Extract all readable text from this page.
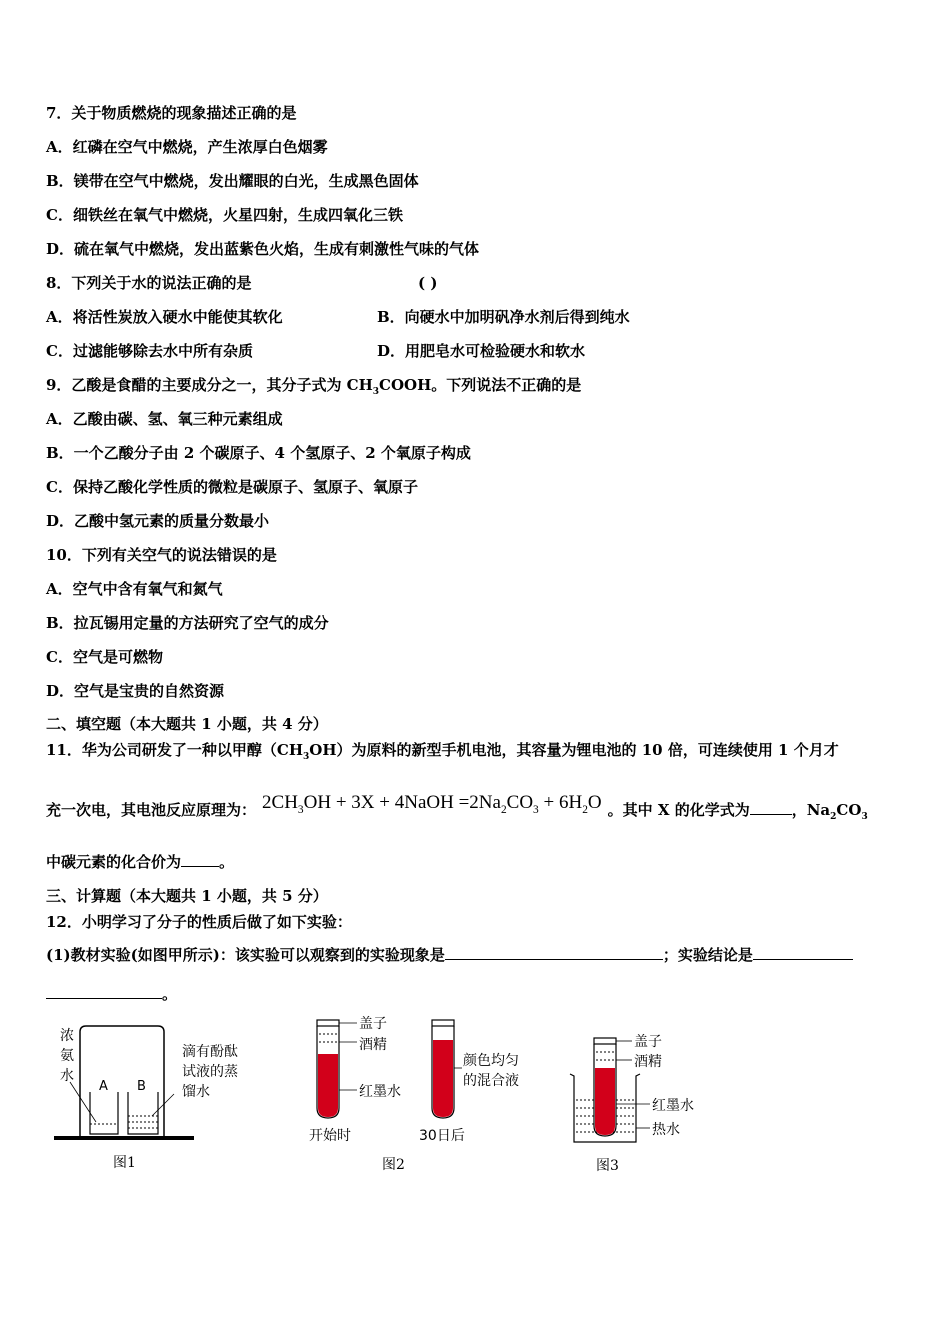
7．关于物质燃烧的现象描述正确的是
A．红磷在空气中燃烧，产生浓厚白色烟雾
B．镁带在空气中燃烧，发出耀眼的白光，生成黑色固体
C．细铁丝在氧气中燃烧，火星四射，生成四氧化三铁
D．硫在氧气中燃烧，发出蓝紫色火焰，生成有刺激性气味的气体
8．下列关于水的说法正确的是	( )
A．将活性炭放入硬水中能使其软化	B．向硬水中加明矾净水剂后得到纯水
C．过滤能够除去水中所有杂质	D．用肥皂水可检验硬水和软水
9．乙酸是食醋的主要成分之一，其分子式为 $CH_3COOH$。下列说法不正确的是
A．乙酸由碳、氢、氧三种元素组成
B．一个乙酸分子由 2 个碳原子、4 个氢原子、2 个氧原子构成
C．保持乙酸化学性质的微粒是碳原子、氢原子、氧原子
D．乙酸中氢元素的质量分数最小
10．下列有关空气的说法错误的是
A．空气中含有氧气和氮气
B．拉瓦锡用定量的方法研究了空气的成分
C．空气是可燃物
D．空气是宝贵的自然资源
二、填空题（本大题共 1 小题，共 4 分）
11．华为公司研发了一种以甲醇$(CH_3OH)$为原料的新型手机电池，其容量为锂电池的 10 倍，可连续使用 1 个月才
充一次电，其电池反应原理为： $2CH_3OH + 3X$ + 4NaOH $=2Na_2CO_3 + 6H_2O$ 。其中 X 的化学式为	，$Na_2CO_3$
中碳元素的化合价为	。
三、计算题（本大题共 1 小题，共 5 分）
12．小明学习了分子的性质后做了如下实验：
(1)教材实验(如图甲所示)：该实验可以观察到的实验现象是	；实验结论是
。
浓
氨
水
A B
滴有酚酞
试液的蒸
馏水
图1
盖子
酒精
红墨水
颜色均匀
的混合液
开始时	30日后
图2
盖子
酒精
红墨水
热水
图3
